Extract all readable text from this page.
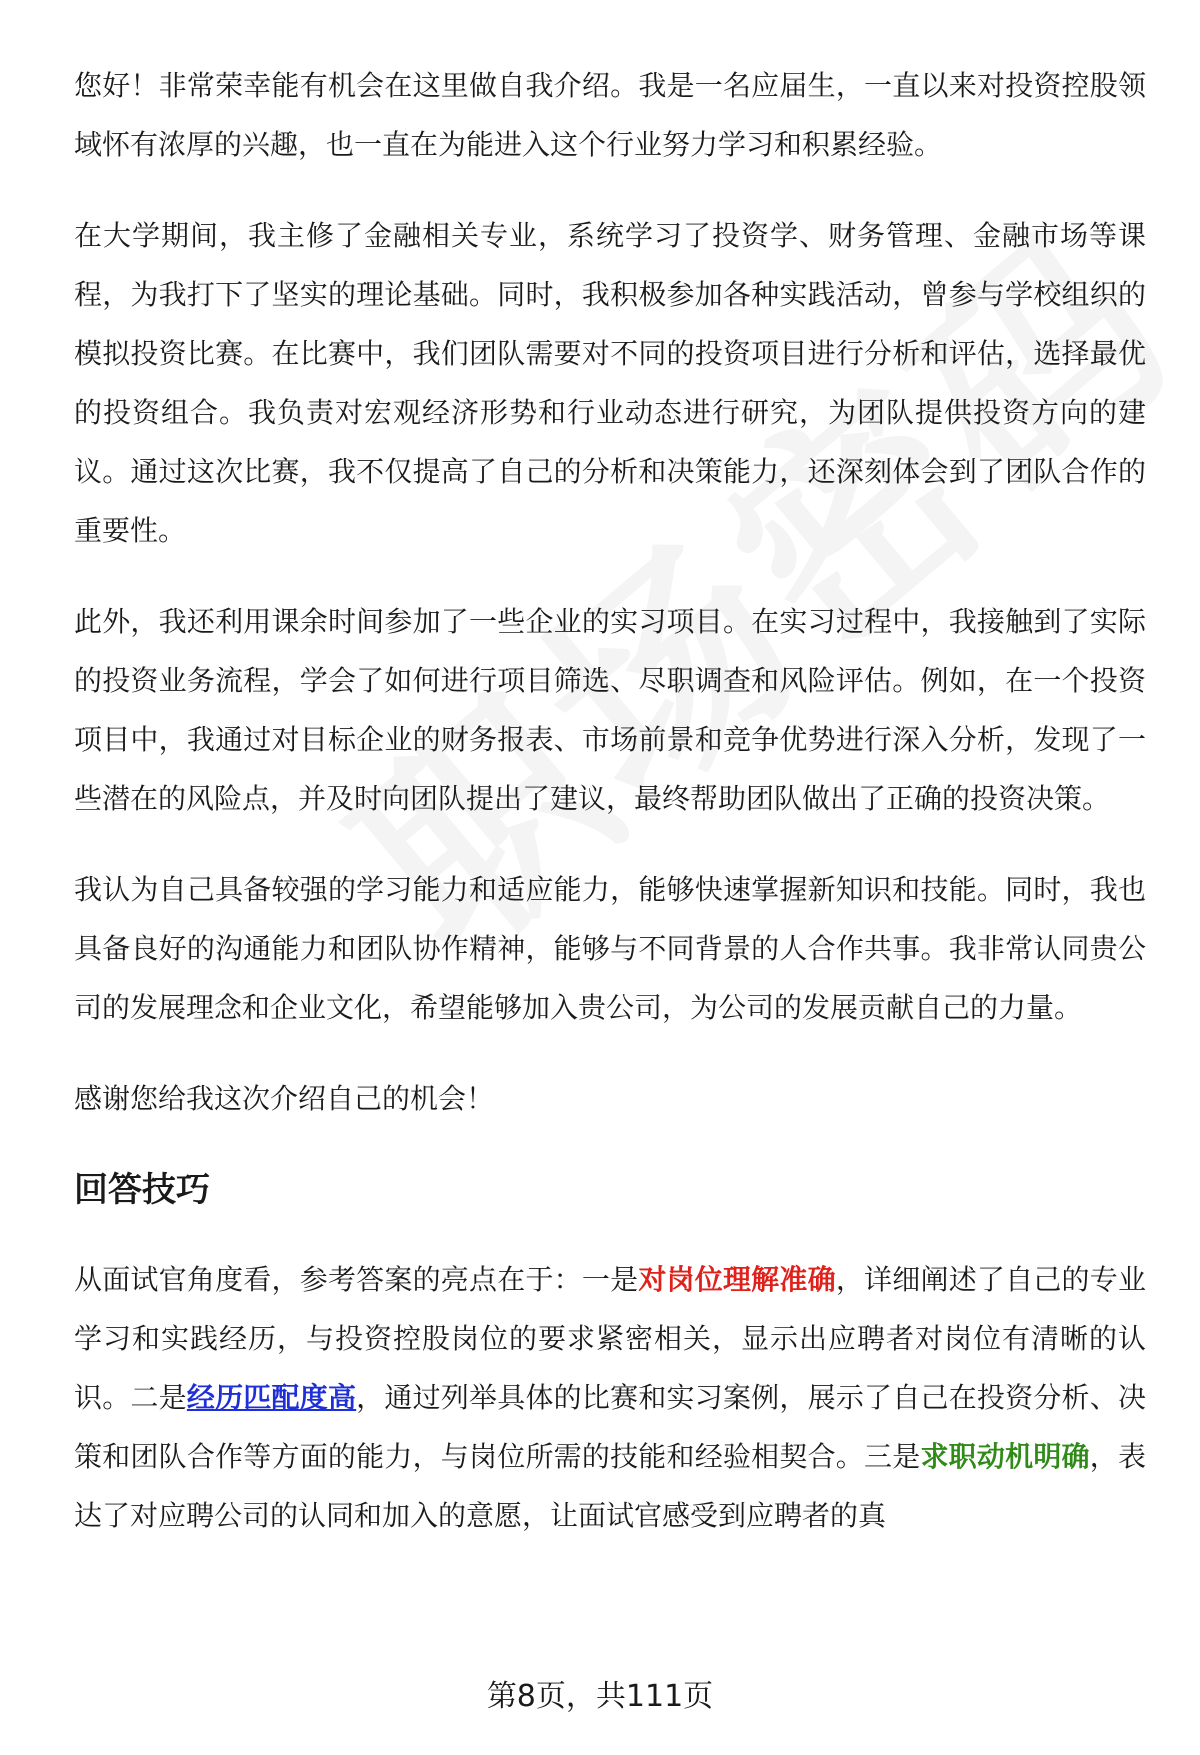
您好！非常荣幸能有机会在这里做自我介绍。我是一名应届生，一直以来对投资控股领域怀有浓厚的兴趣，也一直在为能进入这个行业努力学习和积累经验。

在大学期间，我主修了金融相关专业，系统学习了投资学、财务管理、金融市场等课程，为我打下了坚实的理论基础。同时，我积极参加各种实践活动，曾参与学校组织的模拟投资比赛。在比赛中，我们团队需要对不同的投资项目进行分析和评估，选择最优的投资组合。我负责对宏观经济形势和行业动态进行研究，为团队提供投资方向的建议。通过这次比赛，我不仅提高了自己的分析和决策能力，还深刻体会到了团队合作的重要性。

此外，我还利用课余时间参加了一些企业的实习项目。在实习过程中，我接触到了实际的投资业务流程，学会了如何进行项目筛选、尽职调查和风险评估。例如，在一个投资项目中，我通过对目标企业的财务报表、市场前景和竞争优势进行深入分析，发现了一些潜在的风险点，并及时向团队提出了建议，最终帮助团队做出了正确的投资决策。

我认为自己具备较强的学习能力和适应能力，能够快速掌握新知识和技能。同时，我也具备良好的沟通能力和团队协作精神，能够与不同背景的人合作共事。我非常认同贵公司的发展理念和企业文化，希望能够加入贵公司，为公司的发展贡献自己的力量。

感谢您给我这次介绍自己的机会！

回答技巧

从面试官角度看，参考答案的亮点在于：一是对岗位理解准确，详细阐述了自己的专业学习和实践经历，与投资控股岗位的要求紧密相关，显示出应聘者对岗位有清晰的认识。二是经历匹配度高，通过列举具体的比赛和实习案例，展示了自己在投资分析、决策和团队合作等方面的能力，与岗位所需的技能和经验相契合。三是求职动机明确，表达了对应聘公司的认同和加入的意愿，让面试官感受到应聘者的真

第8页，共111页
